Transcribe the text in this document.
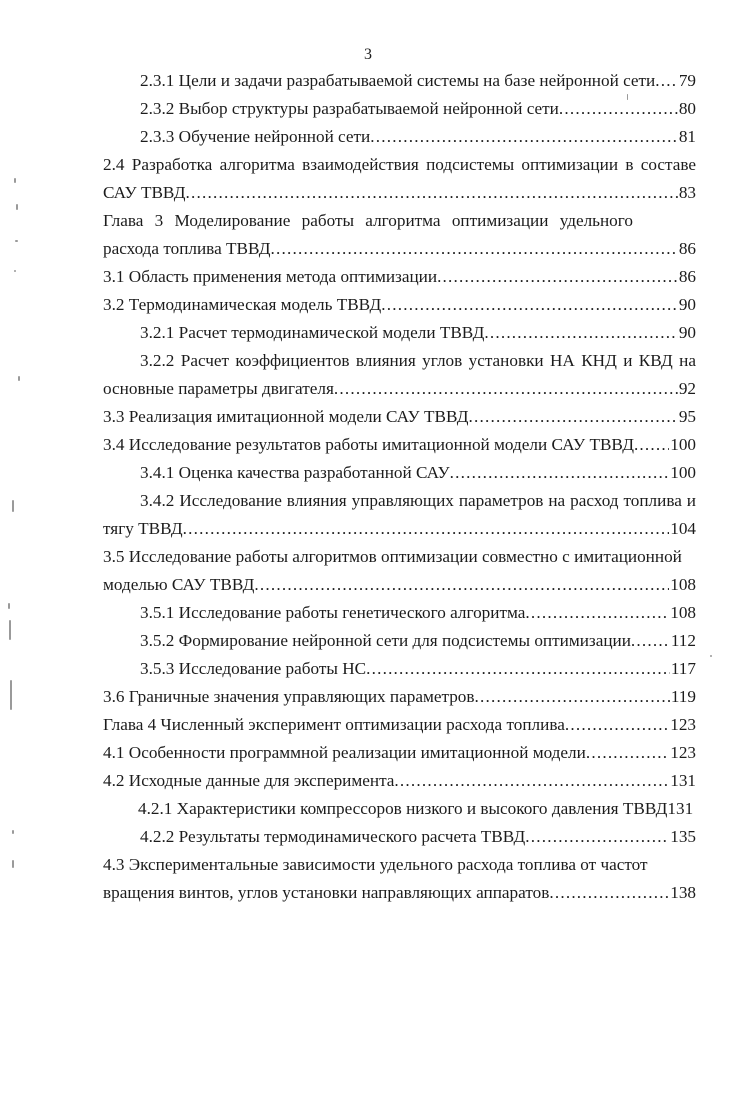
3
2.3.1 Цели и задачи разрабатываемой системы на базе нейронной сети ..... 79
2.3.2 Выбор структуры разрабатываемой нейронной сети .....	80
2.3.3 Обучение нейронной сети .....	81
2.4 Разработка алгоритма взаимодействия подсистемы оптимизации в составе
САУ ТВВД .....	83
Глава 3 Моделирование работы алгоритма оптимизации удельного
расхода топлива ТВВД .....	86
3.1 Область применения метода оптимизации .....	86
3.2 Термодинамическая модель ТВВД .....	90
3.2.1 Расчет термодинамической модели ТВВД .....	90
3.2.2 Расчет коэффициентов влияния углов установки НА КНД и КВД на
основные параметры двигателя .....	92
3.3 Реализация имитационной модели САУ ТВВД .....	95
3.4 Исследование результатов работы имитационной модели САУ ТВВД ..... 100
3.4.1 Оценка качества разработанной САУ .....	100
3.4.2 Исследование влияния управляющих параметров на расход топлива и
тягу ТВВД .....	104
3.5 Исследование работы алгоритмов оптимизации совместно с имитационной
моделью САУ ТВВД .....	108
3.5.1 Исследование работы генетического алгоритма .....	108
3.5.2 Формирование нейронной сети для подсистемы оптимизации ..... 112
3.5.3 Исследование работы НС .....	117
3.6 Граничные значения управляющих параметров .....	119
Глава 4 Численный эксперимент оптимизации расхода топлива .....	123
4.1 Особенности программной реализации имитационной модели .....	123
4.2 Исходные данные для эксперимента .....	131
4.2.1 Характеристики компрессоров низкого и высокого давления ТВВД131
4.2.2 Результаты термодинамического расчета ТВВД .....	135
4.3 Экспериментальные зависимости удельного расхода топлива от частот
вращения винтов, углов установки направляющих аппаратов .....	138
